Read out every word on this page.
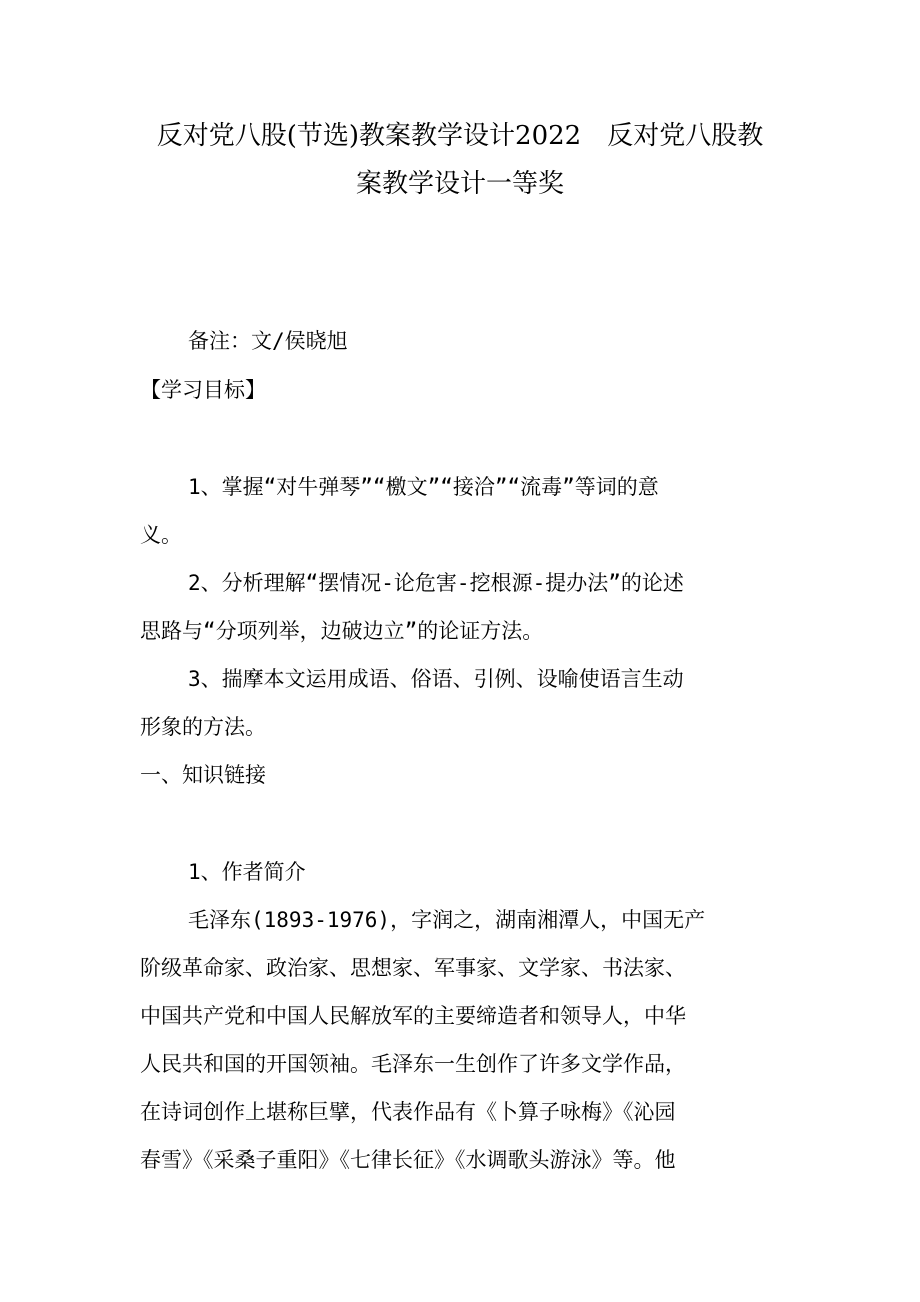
反对党八股(节选)教案教学设计2022　反对党八股教
案教学设计一等奖

备注：文/侯晓旭

【学习目标】

1、掌握“对牛弹琴”“檄文”“接洽”“流毒”等词的意

义。

2、分析理解“摆情况-论危害-挖根源-提办法”的论述

思路与“分项列举，边破边立”的论证方法。

3、揣摩本文运用成语、俗语、引例、设喻使语言生动

形象的方法。

一、知识链接

1、作者简介

毛泽东(1893-1976)，字润之，湖南湘潭人，中国无产

阶级革命家、政治家、思想家、军事家、文学家、书法家、

中国共产党和中国人民解放军的主要缔造者和领导人，中华

人民共和国的开国领袖。毛泽东一生创作了许多文学作品，

在诗词创作上堪称巨擘，代表作品有《卜算子咏梅》《沁园

春雪》《采桑子重阳》《七律长征》《水调歌头游泳》等。他
